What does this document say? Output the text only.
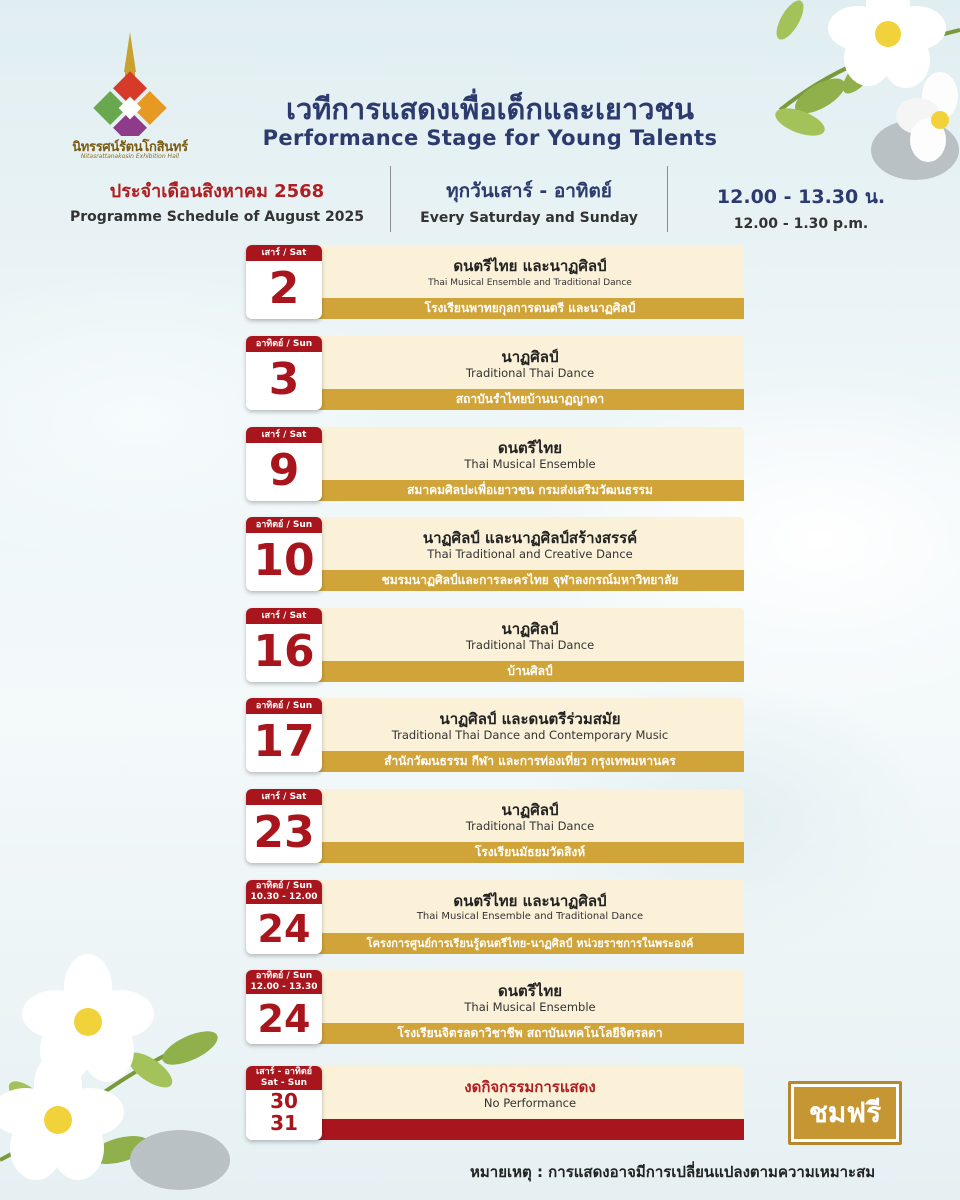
นิทรรศน์รัตนโกสินทร์
Nitasrattanakosin Exhibition Hall
เวทีการแสดงเพื่อเด็กและเยาวชน
Performance Stage for Young Talents
ประจำเดือนสิงหาคม 2568
Programme Schedule of August 2025
ทุกวันเสาร์ - อาทิตย์
Every Saturday and Sunday
12.00 - 13.30 น.
12.00 - 1.30 p.m.
ดนตรีไทย และนาฏศิลป์
Thai Musical Ensemble and Traditional Dance
โรงเรียนพาทยกุลการดนตรี และนาฏศิลป์
เสาร์ / Sat
2
นาฏศิลป์
Traditional Thai Dance
สถาบันรำไทยบ้านนาฏญาดา
อาทิตย์ / Sun
3
ดนตรีไทย
Thai Musical Ensemble
สมาคมศิลปะเพื่อเยาวชน กรมส่งเสริมวัฒนธรรม
เสาร์ / Sat
9
นาฏศิลป์ และนาฏศิลป์สร้างสรรค์
Thai Traditional and Creative Dance
ชมรมนาฏศิลป์และการละครไทย จุฬาลงกรณ์มหาวิทยาลัย
อาทิตย์ / Sun
10
นาฏศิลป์
Traditional Thai Dance
บ้านศิลป์
เสาร์ / Sat
16
นาฏศิลป์ และดนตรีร่วมสมัย
Traditional Thai Dance and Contemporary Music
สำนักวัฒนธรรม กีฬา และการท่องเที่ยว กรุงเทพมหานคร
อาทิตย์ / Sun
17
นาฏศิลป์
Traditional Thai Dance
โรงเรียนมัธยมวัดสิงห์
เสาร์ / Sat
23
ดนตรีไทย และนาฏศิลป์
Thai Musical Ensemble and Traditional Dance
โครงการศูนย์การเรียนรู้ดนตรีไทย-นาฏศิลป์ หน่วยราชการในพระองค์
อาทิตย์ / Sun
10.30 - 12.00
24
ดนตรีไทย
Thai Musical Ensemble
โรงเรียนจิตรลดาวิชาชีพ สถาบันเทคโนโลยีจิตรลดา
อาทิตย์ / Sun
12.00 - 13.30
24
งดกิจกรรมการแสดง
No Performance
เสาร์ - อาทิตย์
Sat - Sun
30
31	ชมฟรี
หมายเหตุ : การแสดงอาจมีการเปลี่ยนแปลงตามความเหมาะสม
